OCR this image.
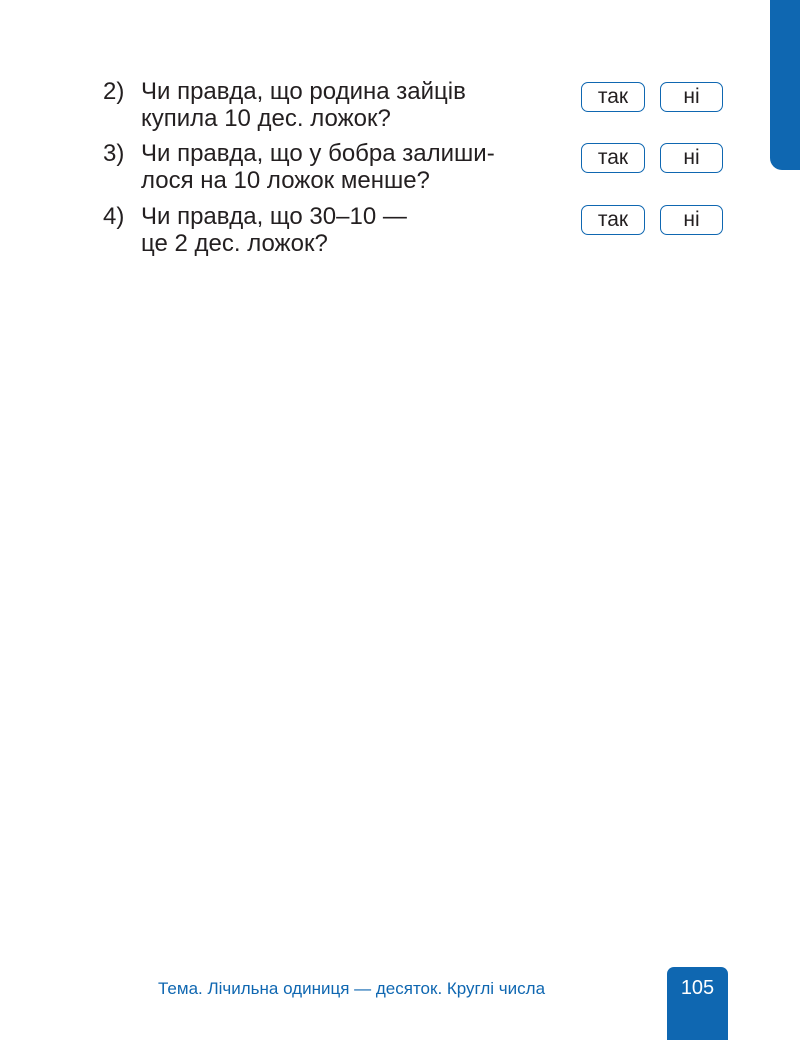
2) Чи правда, що родина зайців
купила 10 дес. ложок?
так	ні
3) Чи правда, що у бобра залиши-
лося на 10 ложок менше?
так	ні
4) Чи правда, що 30–10 —
це 2 дес. ложок?
так	ні
Тема. Лічильна одиниця — десяток. Круглі числа	105
